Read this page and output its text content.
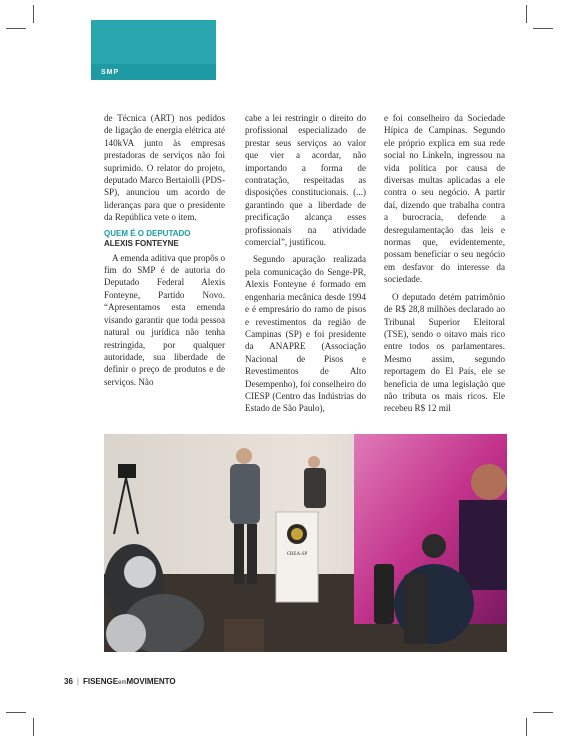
SMP

de Técnica (ART) nos pedidos de ligação de energia elétrica até 140kVA junto às empresas prestadoras de serviços não foi suprimido. O relator do projeto, deputado Marco Bertaiolli (PDS-SP), anunciou um acordo de lideranças para que o presidente da República vete o item.

QUEM É O DEPUTADO
ALEXIS FONTEYNE

A emenda aditiva que propôs o fim do SMP é de autoria do Deputado Federal Alexis Fonteyne, Partido Novo. “Apresentamos esta emenda visando garantir que toda pessoa natural ou jurídica não tenha restringida, por qualquer autoridade, sua liberdade de definir o preço de produtos e de serviços. Não

cabe a lei restringir o direito do profissional especializado de prestar seus serviços ao valor que vier a acordar, não importando a forma de contratação, respeitadas as disposições constitucionais. (...) garantindo que a liberdade de precificação alcança esses profissionais na atividade comercial”, justificou.

Segundo apuração realizada pela comunicação do Senge-PR, Alexis Fonteyne é formado em engenharia mecânica desde 1994 e é empresário do ramo de pisos e revestimentos da região de Campinas (SP) e foi presidente da ANAPRE (Associação Nacional de Pisos e Revestimentos de Alto Desempenho), foi conselheiro do CIESP (Centro das Indústrias do Estado de São Paulo),

e foi conselheiro da Sociedade Hípica de Campinas. Segundo ele próprio explica em sua rede social no LinkeIn, ingressou na vida política por causa de diversas multas aplicadas a ele contra o seu negócio. A partir daí, dizendo que trabalha contra a burocracia, defende a desregulamentação das leis e normas que, evidentemente, possam beneficiar o seu negócio em desfavor do interesse da sociedade.

O deputado detém patrimônio de R$ 28,8 milhões declarado ao Tribunal Superior Eleitoral (TSE), sendo o oitavo mais rico entre todos os parlamentares. Mesmo assim, segundo reportagem do El País, ele se beneficia de uma legislação que não tributa os mais ricos. Ele recebeu R$ 12 mil

CREA-SP
36 | FISENGEemMOVIMENTO
